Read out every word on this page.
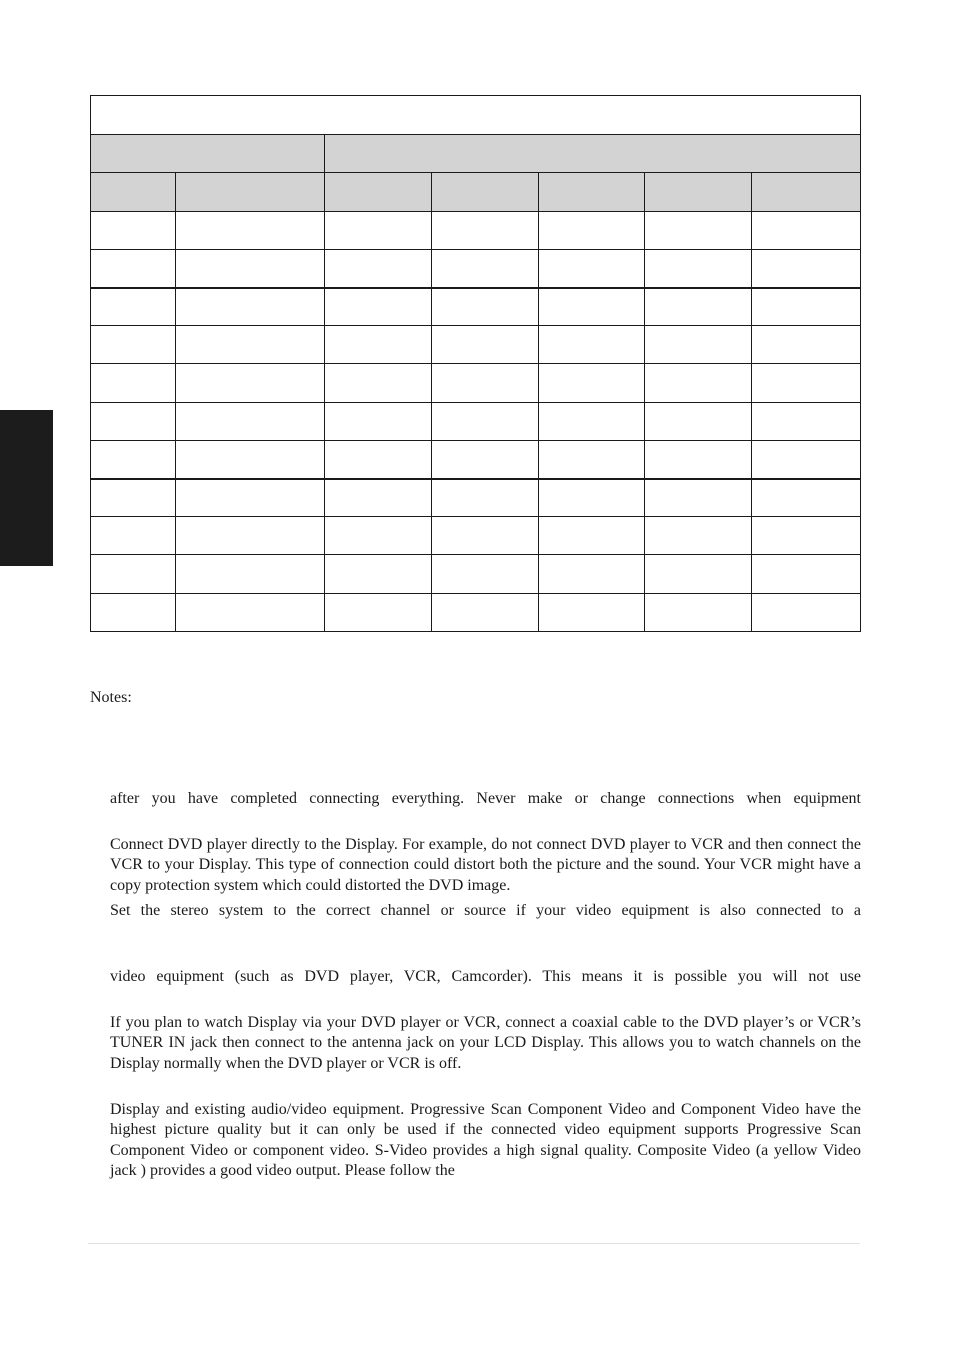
Notes:

after you have completed connecting everything. Never make or change connections when equipment

Connect DVD player directly to the Display. For example, do not connect DVD player to VCR and then connect the VCR to your Display. This type of connection could distort both the picture and the sound. Your VCR might have a copy protection system which could distorted the DVD image.

Set the stereo system to the correct channel or source if your video equipment is also connected to a

video equipment (such as DVD player, VCR, Camcorder). This means it is possible you will not use

If you plan to watch Display via your DVD player or VCR, connect a coaxial cable to the DVD player’s or VCR’s TUNER IN jack then connect to the antenna jack on your LCD Display. This allows you to watch channels on the Display normally when the DVD player or VCR is off.

Display and existing audio/video equipment. Progressive Scan Component Video and Component Video have the highest picture quality but it can only be used if the connected video equipment supports Progressive Scan Component Video or component video. S-Video provides a high signal quality. Composite Video (a yellow Video jack ) provides a good video output. Please follow the
